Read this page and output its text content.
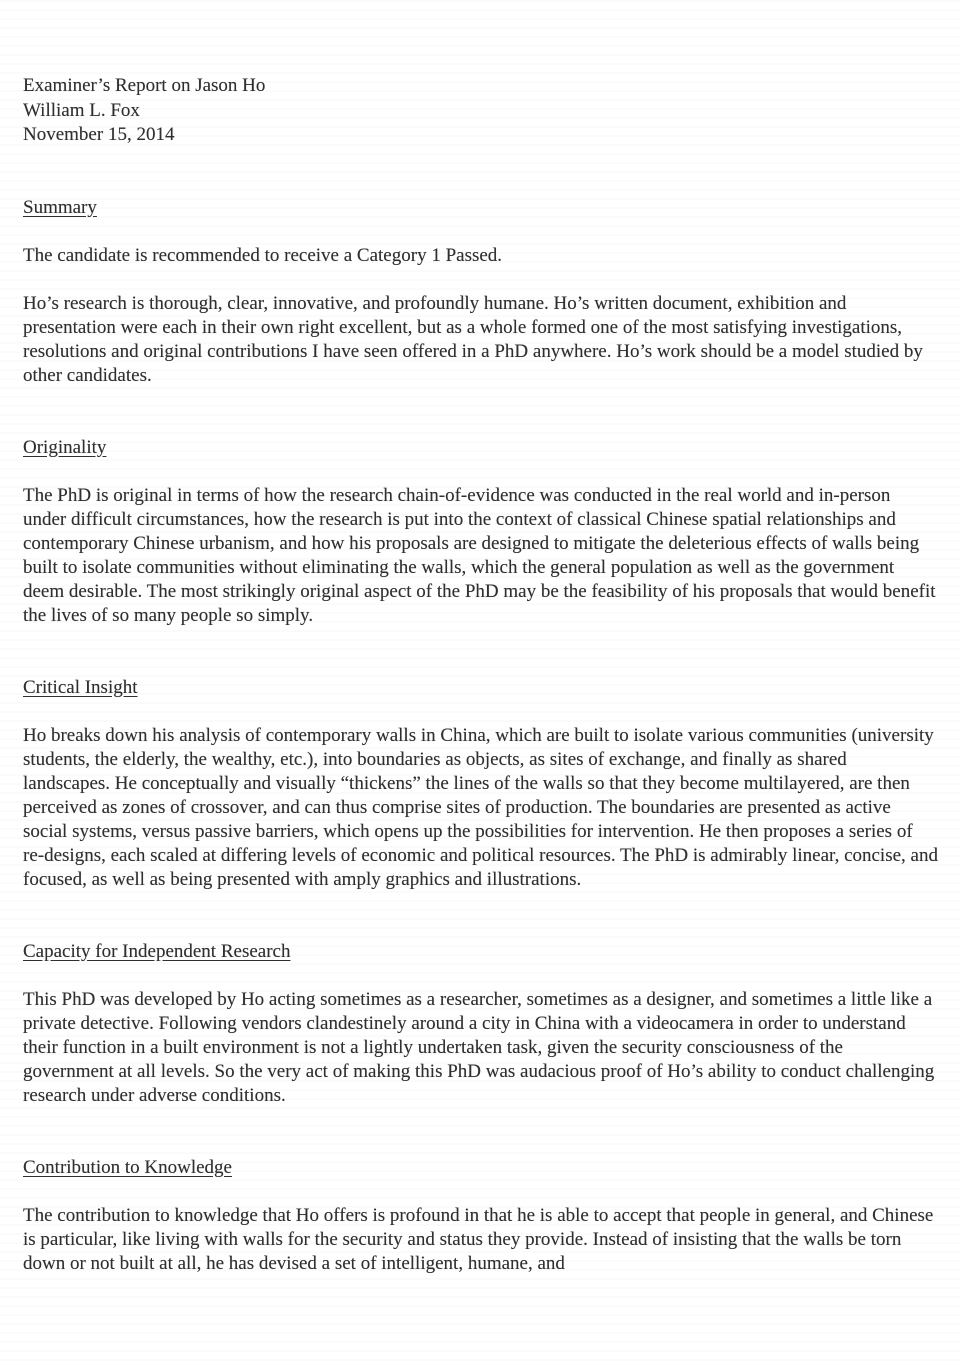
Examiner’s Report on Jason Ho
William L. Fox
November 15, 2014
Summary

The candidate is recommended to receive a Category 1 Passed.

Ho’s research is thorough, clear, innovative, and profoundly humane. Ho’s written document, exhibition and presentation were each in their own right excellent, but as a whole formed one of the most satisfying investigations, resolutions and original contributions I have seen offered in a PhD anywhere. Ho’s work should be a model studied by other candidates.

Originality

The PhD is original in terms of how the research chain-of-evidence was conducted in the real world and in-person under difficult circumstances, how the research is put into the context of classical Chinese spatial relationships and contemporary Chinese urbanism, and how his proposals are designed to mitigate the deleterious effects of walls being built to isolate communities without eliminating the walls, which the general population as well as the government deem desirable. The most strikingly original aspect of the PhD may be the feasibility of his proposals that would benefit the lives of so many people so simply.

Critical Insight

Ho breaks down his analysis of contemporary walls in China, which are built to isolate various communities (university students, the elderly, the wealthy, etc.), into boundaries as objects, as sites of exchange, and finally as shared landscapes. He conceptually and visually “thickens” the lines of the walls so that they become multilayered, are then perceived as zones of crossover, and can thus comprise sites of production. The boundaries are presented as active social systems, versus passive barriers, which opens up the possibilities for intervention. He then proposes a series of re-designs, each scaled at differing levels of economic and political resources. The PhD is admirably linear, concise, and focused, as well as being presented with amply graphics and illustrations.

Capacity for Independent Research

This PhD was developed by Ho acting sometimes as a researcher, sometimes as a designer, and sometimes a little like a private detective. Following vendors clandestinely around a city in China with a videocamera in order to understand their function in a built environment is not a lightly undertaken task, given the security consciousness of the government at all levels. So the very act of making this PhD was audacious proof of Ho’s ability to conduct challenging research under adverse conditions.

Contribution to Knowledge

The contribution to knowledge that Ho offers is profound in that he is able to accept that people in general, and Chinese is particular, like living with walls for the security and status they provide. Instead of insisting that the walls be torn down or not built at all, he has devised a set of intelligent, humane, and
